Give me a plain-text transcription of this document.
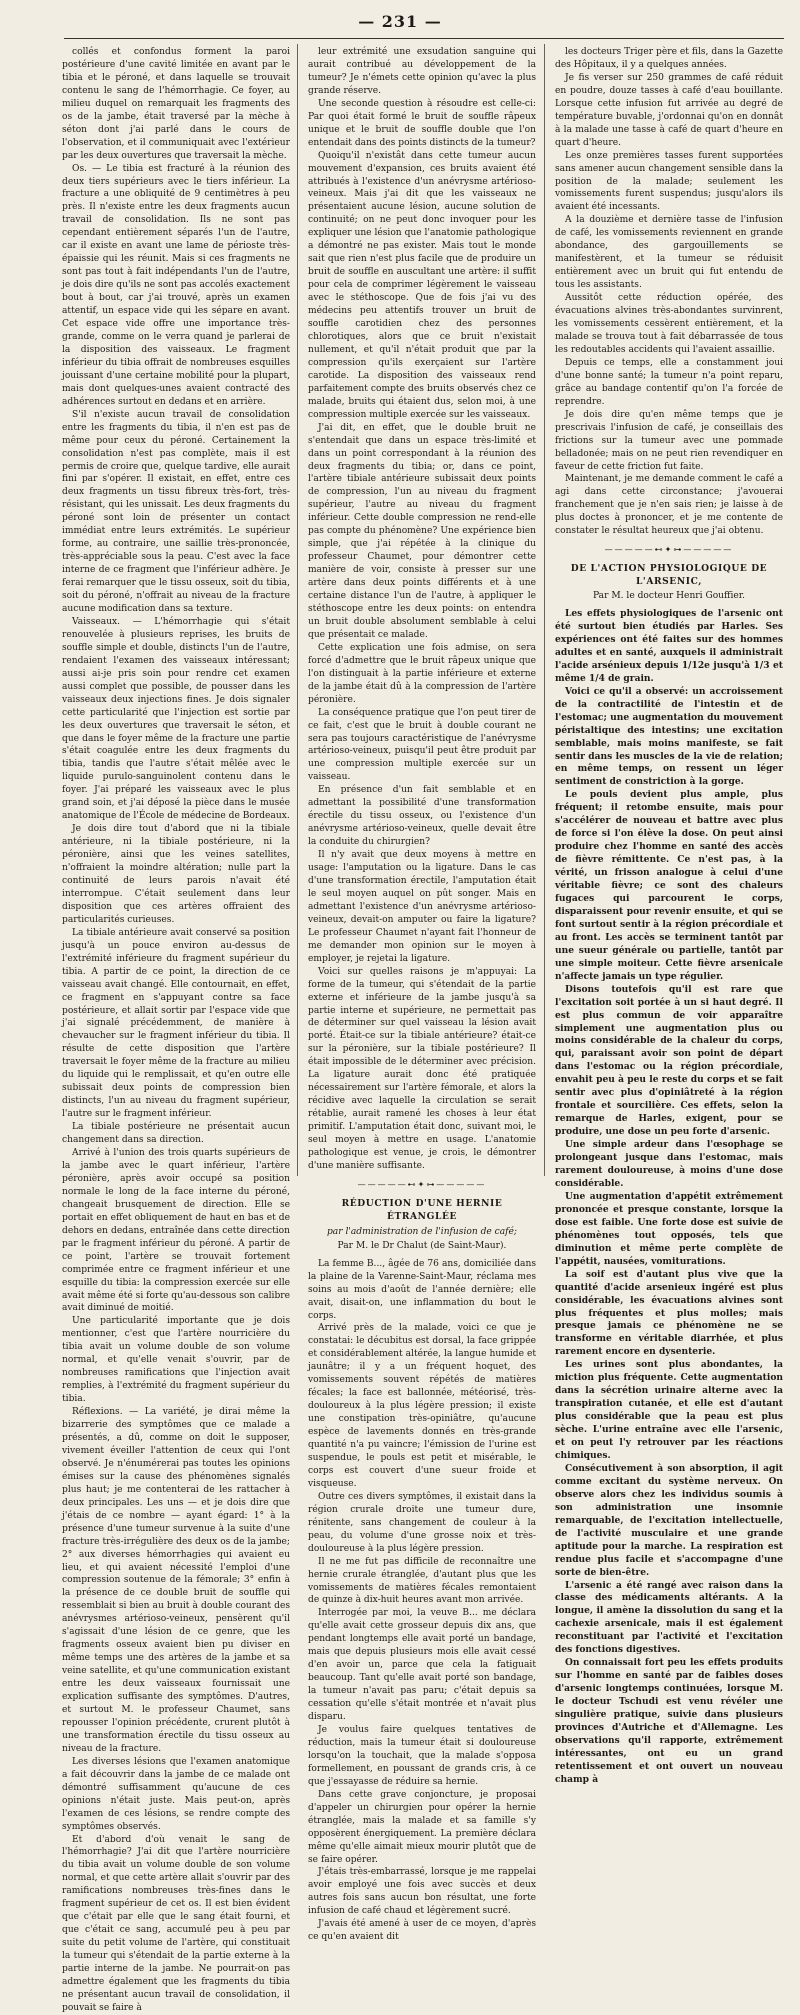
— 231 —

collés et confondus forment la paroi postérieure d'une cavité limitée en avant par le tibia et le péroné, et dans laquelle se trouvait contenu le sang de l'hémorrhagie. Ce foyer, au milieu duquel on remarquait les fragments des os de la jambe, était traversé par la mèche à séton dont j'ai parlé dans le cours de l'observation, et il communiquait avec l'extérieur par les deux ouvertures que traversait la mèche.

Os. — Le tibia est fracturé à la réunion des deux tiers supérieurs avec le tiers inférieur. La fracture a une obliquité de 9 centimètres à peu près. Il n'existe entre les deux fragments aucun travail de consolidation. Ils ne sont pas cependant entièrement séparés l'un de l'autre, car il existe en avant une lame de périoste très-épaissie qui les réunit. Mais si ces fragments ne sont pas tout à fait indépendants l'un de l'autre, je dois dire qu'ils ne sont pas accolés exactement bout à bout, car j'ai trouvé, après un examen attentif, un espace vide qui les sépare en avant. Cet espace vide offre une importance très-grande, comme on le verra quand je parlerai de la disposition des vaisseaux. Le fragment inférieur du tibia offrait de nombreuses esquilles jouissant d'une certaine mobilité pour la plupart, mais dont quelques-unes avaient contracté des adhérences surtout en dedans et en arrière.

S'il n'existe aucun travail de consolidation entre les fragments du tibia, il n'en est pas de même pour ceux du péroné. Certainement la consolidation n'est pas complète, mais il est permis de croire que, quelque tardive, elle aurait fini par s'opérer. Il existait, en effet, entre ces deux fragments un tissu fibreux très-fort, très-résistant, qui les unissait. Les deux fragments du péroné sont loin de présenter un contact immédiat entre leurs extrémités. Le supérieur forme, au contraire, une saillie très-prononcée, très-appréciable sous la peau. C'est avec la face interne de ce fragment que l'inférieur adhère. Je ferai remarquer que le tissu osseux, soit du tibia, soit du péroné, n'offrait au niveau de la fracture aucune modification dans sa texture.

Vaisseaux. — L'hémorrhagie qui s'était renouvelée à plusieurs reprises, les bruits de souffle simple et double, distincts l'un de l'autre, rendaient l'examen des vaisseaux intéressant; aussi ai-je pris soin pour rendre cet examen aussi complet que possible, de pousser dans les vaisseaux deux injections fines. Je dois signaler cette particularité que l'injection est sortie par les deux ouvertures que traversait le séton, et que dans le foyer même de la fracture une partie s'était coagulée entre les deux fragments du tibia, tandis que l'autre s'était mêlée avec le liquide purulo-sanguinolent contenu dans le foyer. J'ai préparé les vaisseaux avec le plus grand soin, et j'ai déposé la pièce dans le musée anatomique de l'École de médecine de Bordeaux.

Je dois dire tout d'abord que ni la tibiale antérieure, ni la tibiale postérieure, ni la péronière, ainsi que les veines satellites, n'offraient la moindre altération; nulle part la continuité de leurs parois n'avait été interrompue. C'était seulement dans leur disposition que ces artères offraient des particularités curieuses.

La tibiale antérieure avait conservé sa position jusqu'à un pouce environ au-dessus de l'extrémité inférieure du fragment supérieur du tibia. A partir de ce point, la direction de ce vaisseau avait changé. Elle contournait, en effet, ce fragment en s'appuyant contre sa face postérieure, et allait sortir par l'espace vide que j'ai signalé précédemment, de manière à chevaucher sur le fragment inférieur du tibia. Il résulte de cette disposition que l'artère traversait le foyer même de la fracture au milieu du liquide qui le remplissait, et qu'en outre elle subissait deux points de compression bien distincts, l'un au niveau du fragment supérieur, l'autre sur le fragment inférieur.

La tibiale postérieure ne présentait aucun changement dans sa direction.

Arrivé à l'union des trois quarts supérieurs de la jambe avec le quart inférieur, l'artère péronière, après avoir occupé sa position normale le long de la face interne du péroné, changeait brusquement de direction. Elle se portait en effet obliquement de haut en bas et de dehors en dedans, entraînée dans cette direction par le fragment inférieur du péroné. A partir de ce point, l'artère se trouvait fortement comprimée entre ce fragment inférieur et une esquille du tibia: la compression exercée sur elle avait même été si forte qu'au-dessous son calibre avait diminué de moitié.

Une particularité importante que je dois mentionner, c'est que l'artère nourricière du tibia avait un volume double de son volume normal, et qu'elle venait s'ouvrir, par de nombreuses ramifications que l'injection avait remplies, à l'extrémité du fragment supérieur du tibia.

Réflexions. — La variété, je dirai même la bizarrerie des symptômes que ce malade a présentés, a dû, comme on doit le supposer, vivement éveiller l'attention de ceux qui l'ont observé. Je n'énumérerai pas toutes les opinions émises sur la cause des phénomènes signalés plus haut; je me contenterai de les rattacher à deux principales. Les uns — et je dois dire que j'étais de ce nombre — ayant égard: 1° à la présence d'une tumeur survenue à la suite d'une fracture très-irrégulière des deux os de la jambe; 2° aux diverses hémorrhagies qui avaient eu lieu, et qui avaient nécessité l'emploi d'une compression soutenue de la fémorale; 3° enfin à la présence de ce double bruit de souffle qui ressemblait si bien au bruit à double courant des anévrysmes artérioso-veineux, pensèrent qu'il s'agissait d'une lésion de ce genre, que les fragments osseux avaient bien pu diviser en même temps une des artères de la jambe et sa veine satellite, et qu'une communication existant entre les deux vaisseaux fournissait une explication suffisante des symptômes. D'autres, et surtout M. le professeur Chaumet, sans repousser l'opinion précédente, crurent plutôt à une transformation érectile du tissu osseux au niveau de la fracture.

Les diverses lésions que l'examen anatomique a fait découvrir dans la jambe de ce malade ont démontré suffisamment qu'aucune de ces opinions n'était juste. Mais peut-on, après l'examen de ces lésions, se rendre compte des symptômes observés.

Et d'abord d'où venait le sang de l'hémorrhagie? J'ai dit que l'artère nourricière du tibia avait un volume double de son volume normal, et que cette artère allait s'ouvrir par des ramifications nombreuses très-fines dans le fragment supérieur de cet os. Il est bien évident que c'était par elle que le sang était fourni, et que c'était ce sang, accumulé peu à peu par suite du petit volume de l'artère, qui constituait la tumeur qui s'étendait de la partie externe à la partie interne de la jambe. Ne pourrait-on pas admettre également que les fragments du tibia ne présentant aucun travail de consolidation, il pouvait se faire à

leur extrémité une exsudation sanguine qui aurait contribué au développement de la tumeur? Je n'émets cette opinion qu'avec la plus grande réserve.

Une seconde question à résoudre est celle-ci: Par quoi était formé le bruit de souffle râpeux unique et le bruit de souffle double que l'on entendait dans des points distincts de la tumeur?

Quoiqu'il n'existât dans cette tumeur aucun mouvement d'expansion, ces bruits avaient été attribués à l'existence d'un anévrysme artérioso-veineux. Mais j'ai dit que les vaisseaux ne présentaient aucune lésion, aucune solution de continuité; on ne peut donc invoquer pour les expliquer une lésion que l'anatomie pathologique a démontré ne pas exister. Mais tout le monde sait que rien n'est plus facile que de produire un bruit de souffle en auscultant une artère: il suffit pour cela de comprimer légèrement le vaisseau avec le stéthoscope. Que de fois j'ai vu des médecins peu attentifs trouver un bruit de souffle carotidien chez des personnes chlorotiques, alors que ce bruit n'existait nullement, et qu'il n'était produit que par la compression qu'ils exerçaient sur l'artère carotide. La disposition des vaisseaux rend parfaitement compte des bruits observés chez ce malade, bruits qui étaient dus, selon moi, à une compression multiple exercée sur les vaisseaux.

J'ai dit, en effet, que le double bruit ne s'entendait que dans un espace très-limité et dans un point correspondant à la réunion des deux fragments du tibia; or, dans ce point, l'artère tibiale antérieure subissait deux points de compression, l'un au niveau du fragment supérieur, l'autre au niveau du fragment inférieur. Cette double compression ne rend-elle pas compte du phénomène? Une expérience bien simple, que j'ai répétée à la clinique du professeur Chaumet, pour démontrer cette manière de voir, consiste à presser sur une artère dans deux points différents et à une certaine distance l'un de l'autre, à appliquer le stéthoscope entre les deux points: on entendra un bruit double absolument semblable à celui que présentait ce malade.

Cette explication une fois admise, on sera forcé d'admettre que le bruit râpeux unique que l'on distinguait à la partie inférieure et externe de la jambe était dû à la compression de l'artère péronière.

La conséquence pratique que l'on peut tirer de ce fait, c'est que le bruit à double courant ne sera pas toujours caractéristique de l'anévrysme artérioso-veineux, puisqu'il peut être produit par une compression multiple exercée sur un vaisseau.

En présence d'un fait semblable et en admettant la possibilité d'une transformation érectile du tissu osseux, ou l'existence d'un anévrysme artérioso-veineux, quelle devait être la conduite du chirurgien?

Il n'y avait que deux moyens à mettre en usage: l'amputation ou la ligature. Dans le cas d'une transformation érectile, l'amputation était le seul moyen auquel on pût songer. Mais en admettant l'existence d'un anévrysme artérioso-veineux, devait-on amputer ou faire la ligature? Le professeur Chaumet n'ayant fait l'honneur de me demander mon opinion sur le moyen à employer, je rejetai la ligature.

Voici sur quelles raisons je m'appuyai: La forme de la tumeur, qui s'étendait de la partie externe et inférieure de la jambe jusqu'à sa partie interne et supérieure, ne permettait pas de déterminer sur quel vaisseau la lésion avait porté. Était-ce sur la tibiale antérieure? était-ce sur la péronière, sur la tibiale postérieure? Il était impossible de le déterminer avec précision. La ligature aurait donc été pratiquée nécessairement sur l'artère fémorale, et alors la récidive avec laquelle la circulation se serait rétablie, aurait ramené les choses à leur état primitif. L'amputation était donc, suivant moi, le seul moyen à mettre en usage. L'anatomie pathologique est venue, je crois, le démontrer d'une manière suffisante.

—————⊷✦⊶—————

RÉDUCTION D'UNE HERNIE ÉTRANGLÉE

par l'administration de l'infusion de café;

Par M. le Dr Chalut (de Saint-Maur).

La femme B..., âgée de 76 ans, domiciliée dans la plaine de la Varenne-Saint-Maur, réclama mes soins au mois d'août de l'année dernière; elle avait, disait-on, une inflammation du bout le corps.

Arrivé près de la malade, voici ce que je constatai: le décubitus est dorsal, la face grippée et considérablement altérée, la langue humide et jaunâtre; il y a un fréquent hoquet, des vomissements souvent répétés de matières fécales; la face est ballonnée, météorisé, très-douloureux à la plus légère pression; il existe une constipation très-opiniâtre, qu'aucune espèce de lavements donnés en très-grande quantité n'a pu vaincre; l'émission de l'urine est suspendue, le pouls est petit et misérable, le corps est couvert d'une sueur froide et visqueuse.

Outre ces divers symptômes, il existait dans la région crurale droite une tumeur dure, rénitente, sans changement de couleur à la peau, du volume d'une grosse noix et très-douloureuse à la plus légère pression.

Il ne me fut pas difficile de reconnaître une hernie crurale étranglée, d'autant plus que les vomissements de matières fécales remontaient de quinze à dix-huit heures avant mon arrivée.

Interrogée par moi, la veuve B... me déclara qu'elle avait cette grosseur depuis dix ans, que pendant longtemps elle avait porté un bandage, mais que depuis plusieurs mois elle avait cessé d'en avoir un, parce que cela la fatiguait beaucoup. Tant qu'elle avait porté son bandage, la tumeur n'avait pas paru; c'était depuis sa cessation qu'elle s'était montrée et n'avait plus disparu.

Je voulus faire quelques tentatives de réduction, mais la tumeur était si douloureuse lorsqu'on la touchait, que la malade s'opposa formellement, en poussant de grands cris, à ce que j'essayasse de réduire sa hernie.

Dans cette grave conjoncture, je proposai d'appeler un chirurgien pour opérer la hernie étranglée, mais la malade et sa famille s'y opposèrent énergiquement. La première déclara même qu'elle aimait mieux mourir plutôt que de se faire opérer.

J'étais très-embarrassé, lorsque je me rappelai avoir employé une fois avec succès et deux autres fois sans aucun bon résultat, une forte infusion de café chaud et légèrement sucré.

J'avais été amené à user de ce moyen, d'après ce qu'en avaient dit

les docteurs Triger père et fils, dans la Gazette des Hôpitaux, il y a quelques années.

Je fis verser sur 250 grammes de café réduit en poudre, douze tasses à café d'eau bouillante. Lorsque cette infusion fut arrivée au degré de température buvable, j'ordonnai qu'on en donnât à la malade une tasse à café de quart d'heure en quart d'heure.

Les onze premières tasses furent supportées sans amener aucun changement sensible dans la position de la malade; seulement les vomissements furent suspendus; jusqu'alors ils avaient été incessants.

A la douzième et dernière tasse de l'infusion de café, les vomissements reviennent en grande abondance, des gargouillements se manifestèrent, et la tumeur se réduisit entièrement avec un bruit qui fut entendu de tous les assistants.

Aussitôt cette réduction opérée, des évacuations alvines très-abondantes survinrent, les vomissements cessèrent entièrement, et la malade se trouva tout à fait débarrassée de tous les redoutables accidents qui l'avaient assaillie.

Depuis ce temps, elle a constamment joui d'une bonne santé; la tumeur n'a point reparu, grâce au bandage contentif qu'on l'a forcée de reprendre.

Je dois dire qu'en même temps que je prescrivais l'infusion de café, je conseillais des frictions sur la tumeur avec une pommade belladonée; mais on ne peut rien revendiquer en faveur de cette friction fut faite.

Maintenant, je me demande comment le café a agi dans cette circonstance; j'avouerai franchement que je n'en sais rien; je laisse à de plus doctes à prononcer, et je me contente de constater le résultat heureux que j'ai obtenu.

—————⊷✦⊶—————

DE L'ACTION PHYSIOLOGIQUE DE L'ARSENIC,

Par M. le docteur Henri Gouffier.

Les effets physiologiques de l'arsenic ont été surtout bien étudiés par Harles. Ses expériences ont été faites sur des hommes adultes et en santé, auxquels il administrait l'acide arsénieux depuis 1/12e jusqu'à 1/3 et même 1/4 de grain.

Voici ce qu'il a observé: un accroissement de la contractilité de l'intestin et de l'estomac; une augmentation du mouvement péristaltique des intestins; une excitation semblable, mais moins manifeste, se fait sentir dans les muscles de la vie de relation; en même temps, on ressent un léger sentiment de constriction à la gorge.

Le pouls devient plus ample, plus fréquent; il retombe ensuite, mais pour s'accélérer de nouveau et battre avec plus de force si l'on élève la dose. On peut ainsi produire chez l'homme en santé des accès de fièvre rémittente. Ce n'est pas, à la vérité, un frisson analogue à celui d'une véritable fièvre; ce sont des chaleurs fugaces qui parcourent le corps, disparaissent pour revenir ensuite, et qui se font surtout sentir à la région précordiale et au front. Les accès se terminent tantôt par une sueur générale ou partielle, tantôt par une simple moiteur. Cette fièvre arsenicale n'affecte jamais un type régulier.

Disons toutefois qu'il est rare que l'excitation soit portée à un si haut degré. Il est plus commun de voir apparaître simplement une augmentation plus ou moins considérable de la chaleur du corps, qui, paraissant avoir son point de départ dans l'estomac ou la région précordiale, envahit peu à peu le reste du corps et se fait sentir avec plus d'opiniâtreté à la région frontale et sourcilière. Ces effets, selon la remarque de Harles, exigent, pour se produire, une dose un peu forte d'arsenic.

Une simple ardeur dans l'œsophage se prolongeant jusque dans l'estomac, mais rarement douloureuse, à moins d'une dose considérable.

Une augmentation d'appétit extrêmement prononcée et presque constante, lorsque la dose est faible. Une forte dose est suivie de phénomènes tout opposés, tels que diminution et même perte complète de l'appétit, nausées, vomiturations.

La soif est d'autant plus vive que la quantité d'acide arsenieux ingéré est plus considérable, les évacuations alvines sont plus fréquentes et plus molles; mais presque jamais ce phénomène ne se transforme en véritable diarrhée, et plus rarement encore en dysenterie.

Les urines sont plus abondantes, la miction plus fréquente. Cette augmentation dans la sécrétion urinaire alterne avec la transpiration cutanée, et elle est d'autant plus considérable que la peau est plus sèche. L'urine entraîne avec elle l'arsenic, et on peut l'y retrouver par les réactions chimiques.

Consécutivement à son absorption, il agit comme excitant du système nerveux. On observe alors chez les individus soumis à son administration une insomnie remarquable, de l'excitation intellectuelle, de l'activité musculaire et une grande aptitude pour la marche. La respiration est rendue plus facile et s'accompagne d'une sorte de bien-être.

L'arsenic a été rangé avec raison dans la classe des médicaments altérants. A la longue, il amène la dissolution du sang et la cachexie arsenicale, mais il est également reconstituant par l'activité et l'excitation des fonctions digestives.

On connaissait fort peu les effets produits sur l'homme en santé par de faibles doses d'arsenic longtemps continuées, lorsque M. le docteur Tschudi est venu révéler une singulière pratique, suivie dans plusieurs provinces d'Autriche et d'Allemagne. Les observations qu'il rapporte, extrêmement intéressantes, ont eu un grand retentissement et ont ouvert un nouveau champ à
